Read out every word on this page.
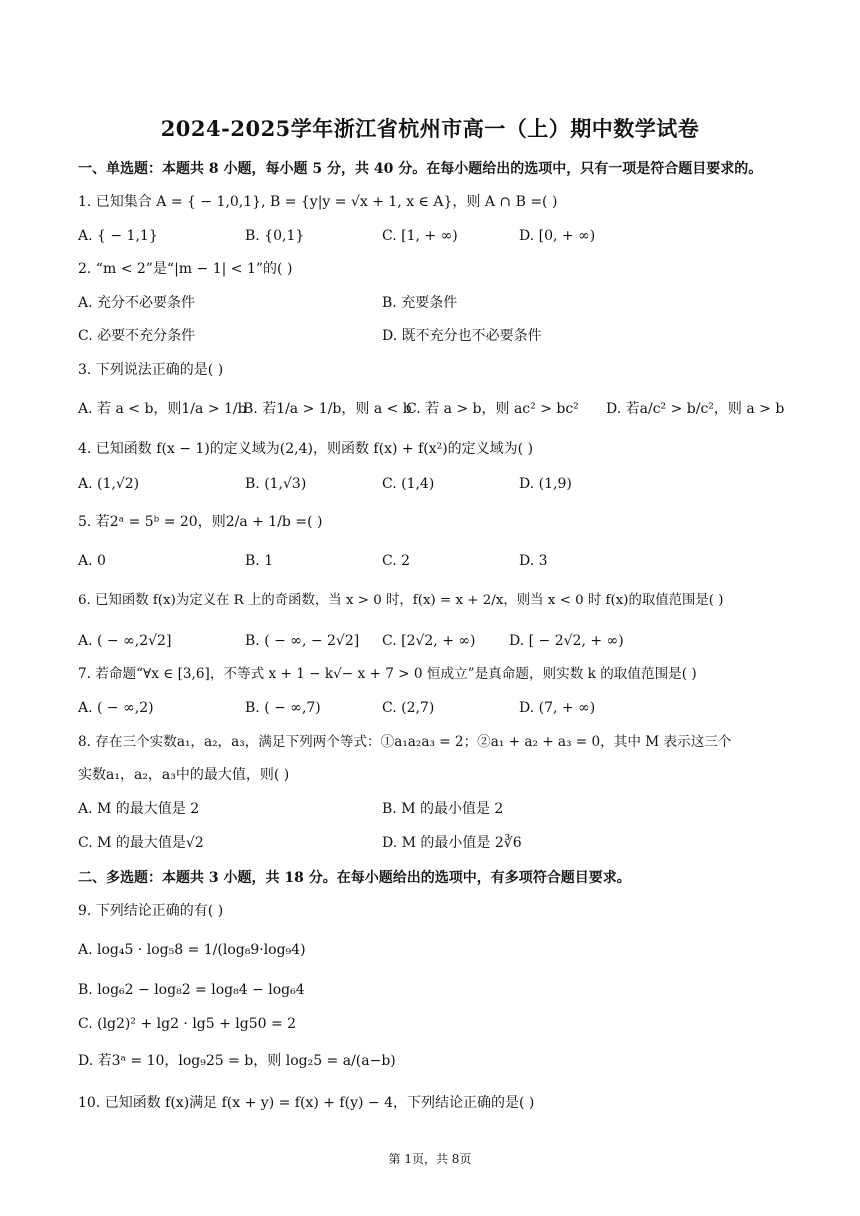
2024-2025学年浙江省杭州市高一（上）期中数学试卷
一、单选题：本题共 8 小题，每小题 5 分，共 40 分。在每小题给出的选项中，只有一项是符合题目要求的。
1. 已知集合 A = { − 1,0,1}, B = {y|y = √x + 1, x ∈ A}，则 A ∩ B =( )
A. { − 1,1}	B. {0,1}	C. [1, + ∞)	D. [0, + ∞)
2. “m < 2”是“|m − 1| < 1”的( )
A. 充分不必要条件	B. 充要条件
C. 必要不充分条件	D. 既不充分也不必要条件
3. 下列说法正确的是( )
A. 若 a < b，则1/a > 1/b
B. 若1/a > 1/b，则 a < b
C. 若 a > b，则 ac² > bc² D. 若a/c² > b/c²，则 a > b
4. 已知函数 f(x − 1)的定义域为(2,4)，则函数 f(x) + f(x²)的定义域为( )
A. (1,√2)	B. (1,√3)	C. (1,4)	D. (1,9)
5. 若2ᵃ = 5ᵇ = 20，则2/a + 1/b =( )
A. 0	B. 1	C. 2	D. 3
6. 已知函数 f(x)为定义在 R 上的奇函数，当 x > 0 时，f(x) = x + 2/x，则当 x < 0 时 f(x)的取值范围是( )
A. ( − ∞,2√2]	B. ( − ∞, − 2√2] C. [2√2, + ∞) D. [ − 2√2, + ∞)
7. 若命题“∀x ∈ [3,6]，不等式 x + 1 − k√− x + 7 > 0 恒成立”是真命题，则实数 k 的取值范围是( )
A. ( − ∞,2)	B. ( − ∞,7)	C. (2,7)	D. (7, + ∞)
8. 存在三个实数a₁，a₂，a₃，满足下列两个等式：①a₁a₂a₃ = 2；②a₁ + a₂ + a₃ = 0，其中 M 表示这三个
实数a₁，a₂，a₃中的最大值，则( )
A. M 的最大值是 2	B. M 的最小值是 2
C. M 的最大值是√2	D. M 的最小值是 2∛6
二、多选题：本题共 3 小题，共 18 分。在每小题给出的选项中，有多项符合题目要求。
9. 下列结论正确的有( )
A. log₄5 · log₅8 = 1/(log₈9·log₉4)
B. log₆2 − log₈2 = log₈4 − log₆4
C. (lg2)² + lg2 · lg5 + lg50 = 2
D. 若3ᵃ = 10，log₉25 = b，则 log₂5 = a/(a−b)
10. 已知函数 f(x)满足 f(x + y) = f(x) + f(y) − 4，下列结论正确的是( )
第 1页，共 8页
